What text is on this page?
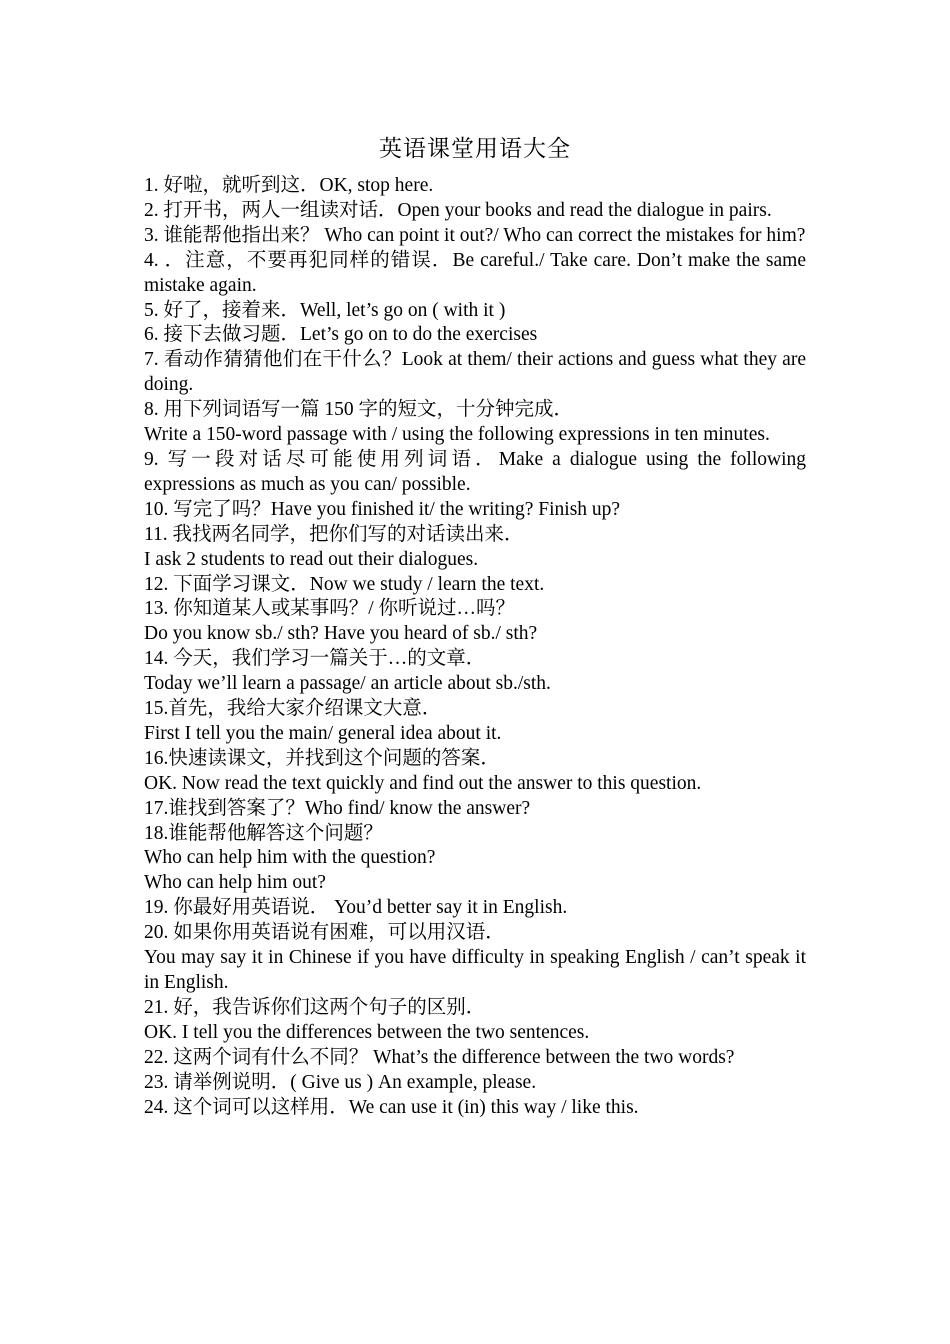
英语课堂用语大全

1. 好啦，就听到这．OK, stop here.

2. 打开书，两人一组读对话．Open your books and read the dialogue in pairs.

3. 谁能帮他指出来？ Who can point it out?/ Who can correct the mistakes for him?

4. ．注意，不要再犯同样的错误．Be careful./ Take care. Don’t make the same mistake again.

5. 好了，接着来．Well, let’s go on ( with it )

6. 接下去做习题．Let’s go on to do the exercises

7. 看动作猜猜他们在干什么？Look at them/ their actions and guess what they are doing.

8. 用下列词语写一篇 150 字的短文，十分钟完成．

Write a 150-word passage with / using the following expressions in ten minutes.

9. 写一段对话尽可能使用列词语．Make a dialogue using the following expressions as much as you can/ possible.

10. 写完了吗？Have you finished it/ the writing? Finish up?

11. 我找两名同学，把你们写的对话读出来．

I ask 2 students to read out their dialogues.

12. 下面学习课文．Now we study / learn the text.

13. 你知道某人或某事吗？/ 你听说过…吗？

Do you know sb./ sth? Have you heard of sb./ sth?

14. 今天，我们学习一篇关于…的文章．

Today we’ll learn a passage/ an article about sb./sth.

15.首先，我给大家介绍课文大意．

First I tell you the main/ general idea about it.

16.快速读课文，并找到这个问题的答案．

OK. Now read the text quickly and find out the answer to this question.

17.谁找到答案了？Who find/ know the answer?

18.谁能帮他解答这个问题？

Who can help him with the question?

Who can help him out?

19. 你最好用英语说． You’d better say it in English.

20. 如果你用英语说有困难，可以用汉语．

You may say it in Chinese if you have difficulty in speaking English / can’t speak it in English.

21. 好，我告诉你们这两个句子的区别．

OK. I tell you the differences between the two sentences.

22. 这两个词有什么不同？ What’s the difference between the two words?

23. 请举例说明．( Give us ) An example, please.

24. 这个词可以这样用．We can use it (in) this way / like this.
